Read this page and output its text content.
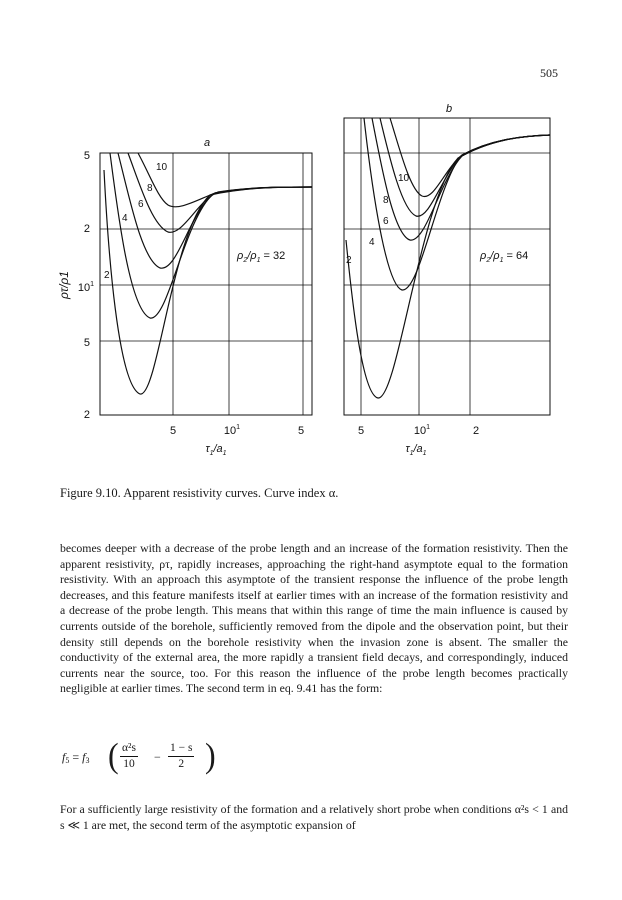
505
ρτ/ρ1
5
2
$10^1$
5
2
10
8
6
4
2
a
$\rho_2/\rho_1 = 32$
5	$10^1$	5
$\tau_1/a_1$
10
8
6
4
2
b
$\rho_2/\rho_1 = 64$
5	$10^1$	2
$\tau_1/a_1$
Figure 9.10. Apparent resistivity curves. Curve index α.

becomes deeper with a decrease of the probe length and an increase of the formation resistivity. Then the apparent resistivity, ρτ, rapidly increases, approaching the right-hand asymptote equal to the formation resistivity. With an approach this asymptote of the transient response the influence of the probe length decreases, and this feature manifests itself at earlier times with an increase of the formation resistivity and a decrease of the probe length. This means that within this range of time the main influence is caused by currents outside of the borehole, sufficiently removed from the dipole and the observation point, but their density still depends on the borehole resistivity when the invasion zone is absent. The smaller the conductivity of the external area, the more rapidly a transient field decays, and correspondingly, induced currents near the source, too. For this reason the influence of the probe length becomes practically negligible at earlier times. The second term in eq. 9.41 has the form:

f5 = f3 ( $\frac{\text{α²s}}{10} - \frac{1 - s}{2}$ )

For a sufficiently large resistivity of the formation and a relatively short probe when conditions α²s < 1 and s ≪ 1 are met, the second term of the asymptotic expansion of
